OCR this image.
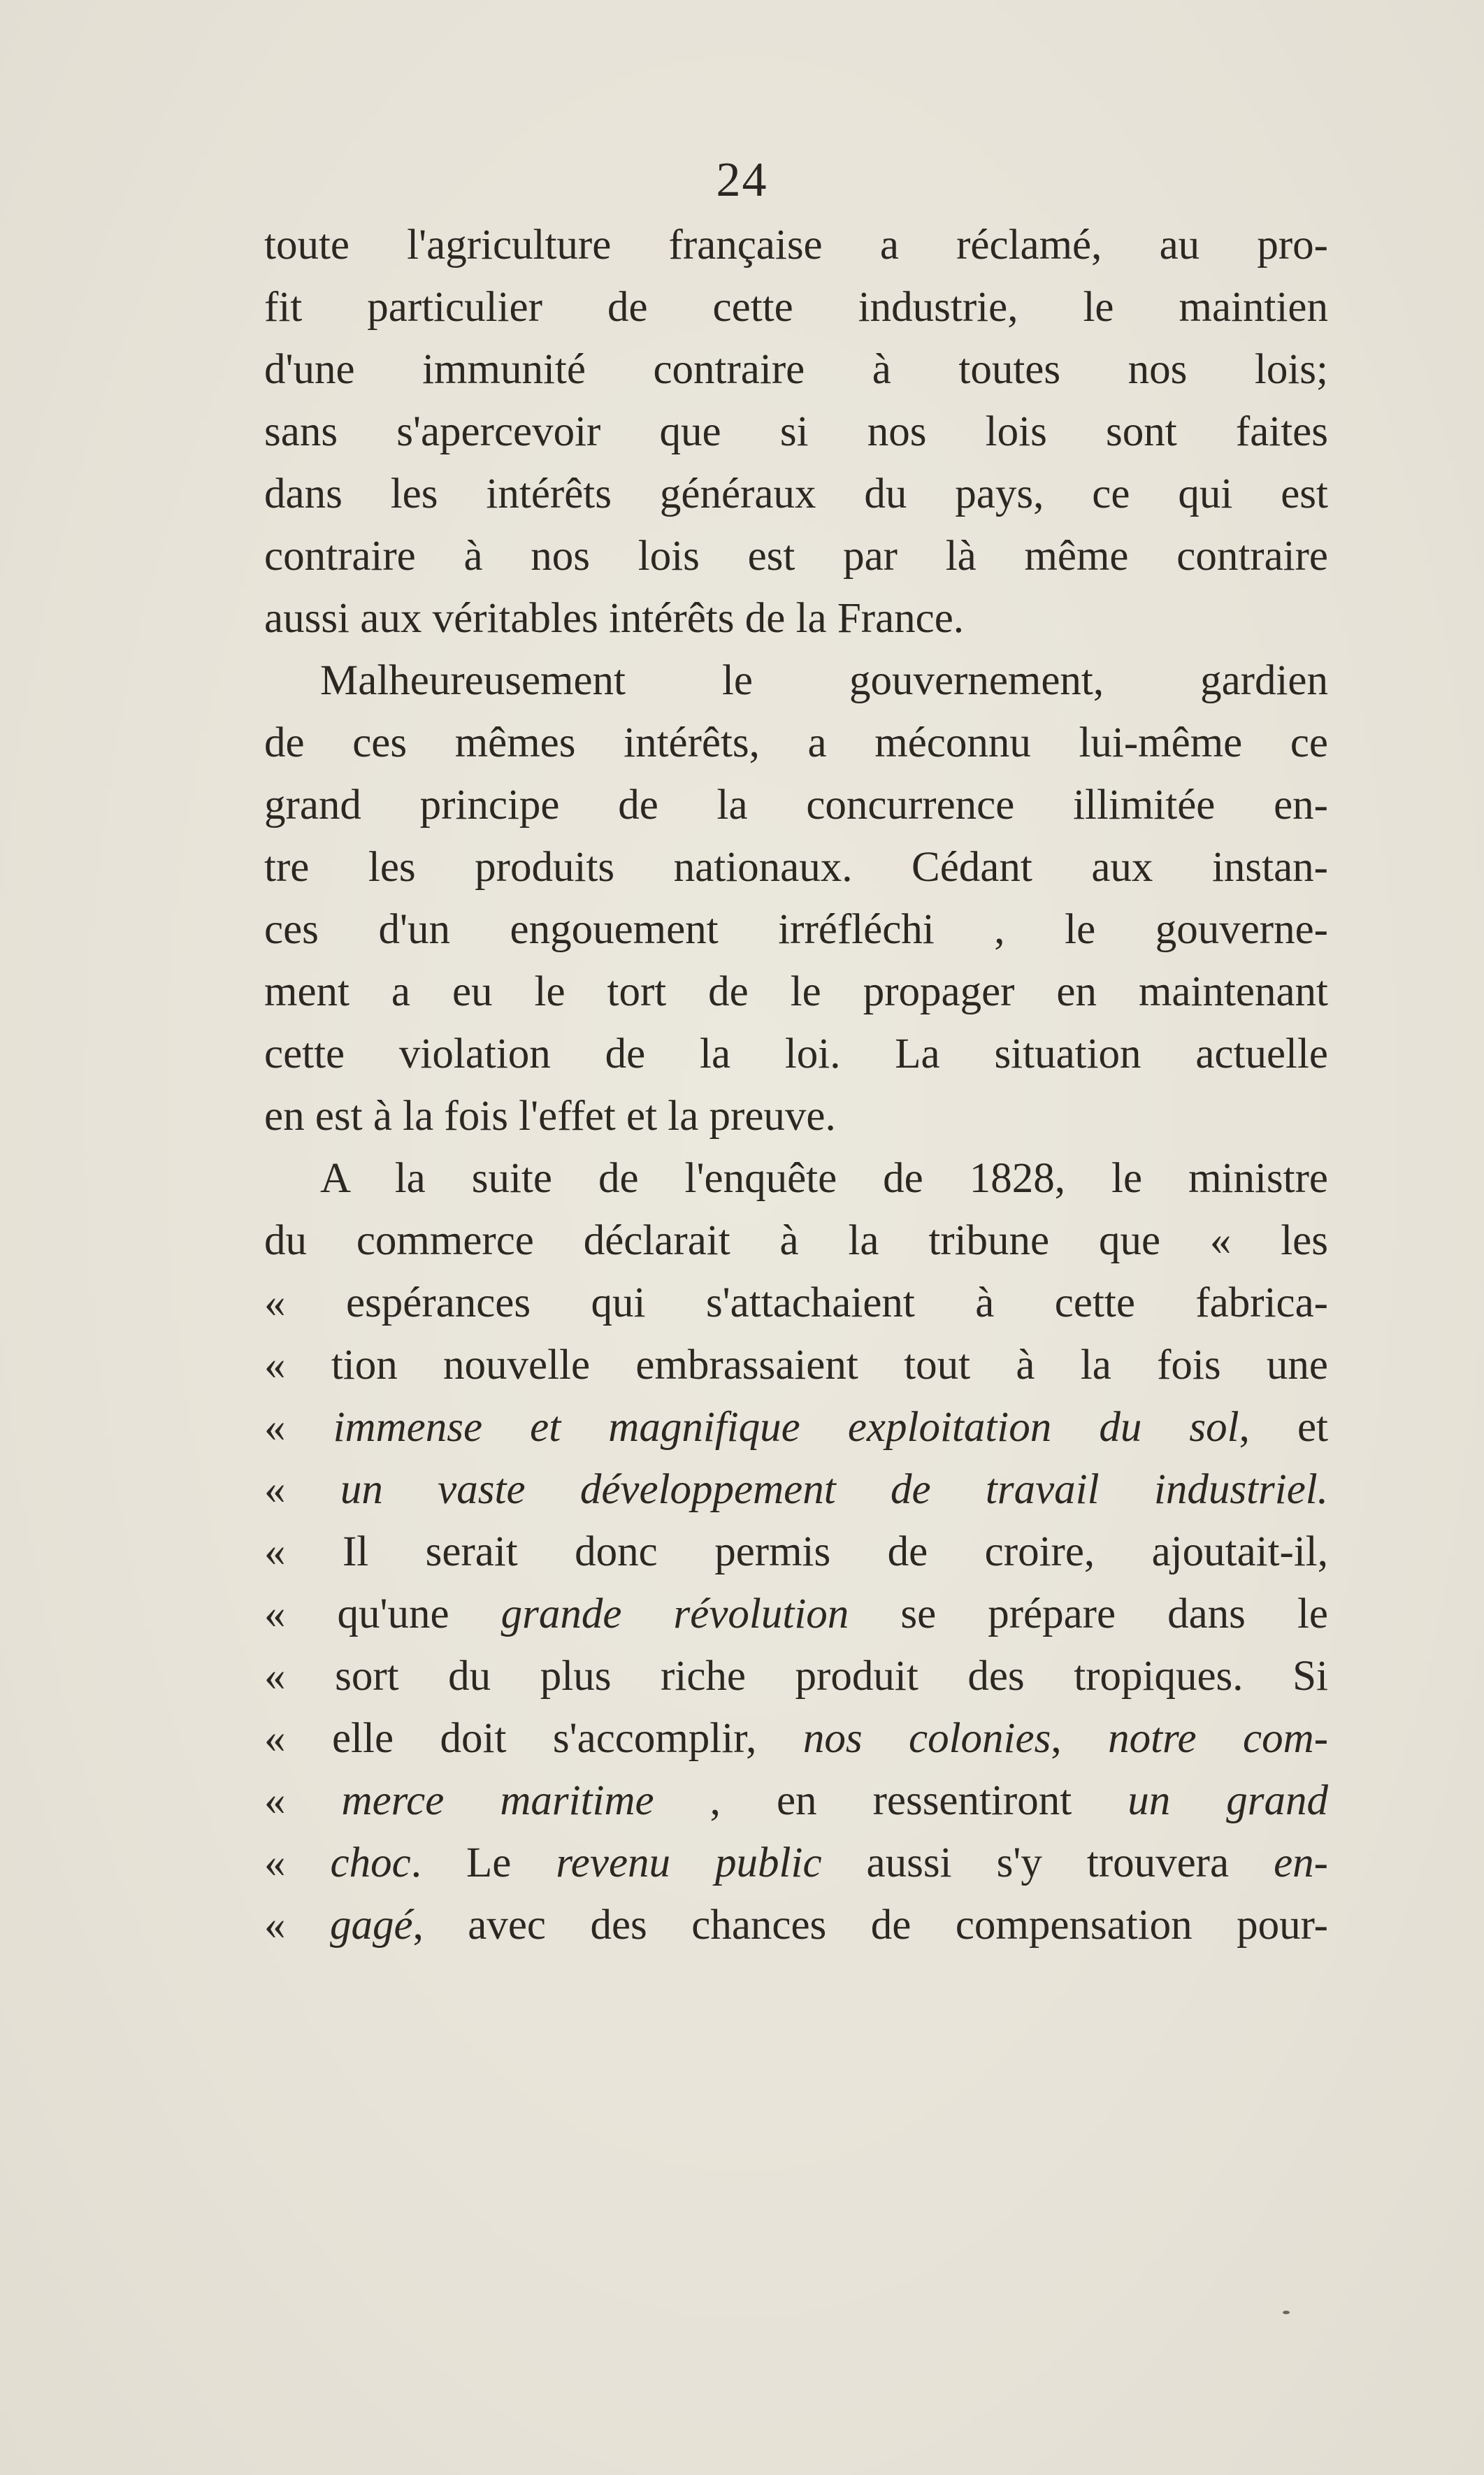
24
toute l'agriculture française a réclamé, au pro-
fit particulier de cette industrie, le maintien
d'une immunité contraire à toutes nos lois;
sans s'apercevoir que si nos lois sont faites
dans les intérêts généraux du pays, ce qui est
contraire à nos lois est par là même contraire
aussi aux véritables intérêts de la France.
Malheureusement le gouvernement, gardien
de ces mêmes intérêts, a méconnu lui-même ce
grand principe de la concurrence illimitée en-
tre les produits nationaux. Cédant aux instan-
ces d'un engouement irréfléchi , le gouverne-
ment a eu le tort de le propager en maintenant
cette violation de la loi. La situation actuelle
en est à la fois l'effet et la preuve.
A la suite de l'enquête de 1828, le ministre
du commerce déclarait à la tribune que « les
« espérances qui s'attachaient à cette fabrica-
« tion nouvelle embrassaient tout à la fois une
« immense et magnifique exploitation du sol, et
« un vaste développement de travail industriel.
« Il serait donc permis de croire, ajoutait-il,
« qu'une grande révolution se prépare dans le
« sort du plus riche produit des tropiques. Si
« elle doit s'accomplir, nos colonies, notre com-
« merce maritime , en ressentiront un grand
« choc. Le revenu public aussi s'y trouvera en-
« gagé, avec des chances de compensation pour-
